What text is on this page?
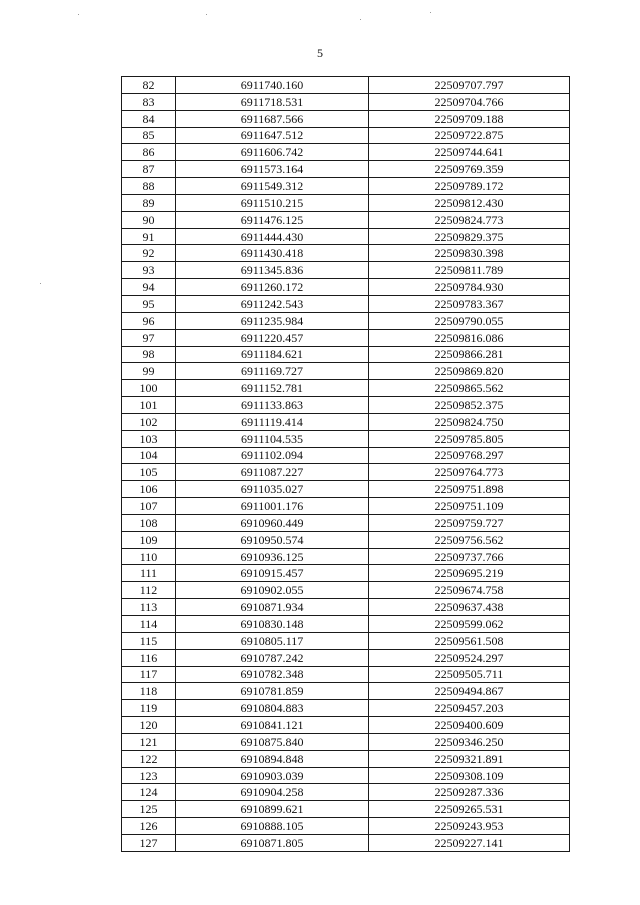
5
82	6911740.160	22509707.797
83	6911718.531	22509704.766
84	6911687.566	22509709.188
85	6911647.512	22509722.875
86	6911606.742	22509744.641
87	6911573.164	22509769.359
88	6911549.312	22509789.172
89	6911510.215	22509812.430
90	6911476.125	22509824.773
91	6911444.430	22509829.375
92	6911430.418	22509830.398
93	6911345.836	22509811.789
94	6911260.172	22509784.930
95	6911242.543	22509783.367
96	6911235.984	22509790.055
97	6911220.457	22509816.086
98	6911184.621	22509866.281
99	6911169.727	22509869.820
100	6911152.781	22509865.562
101	6911133.863	22509852.375
102	6911119.414	22509824.750
103	6911104.535	22509785.805
104	6911102.094	22509768.297
105	6911087.227	22509764.773
106	6911035.027	22509751.898
107	6911001.176	22509751.109
108	6910960.449	22509759.727
109	6910950.574	22509756.562
110	6910936.125	22509737.766
111	6910915.457	22509695.219
112	6910902.055	22509674.758
113	6910871.934	22509637.438
114	6910830.148	22509599.062
115	6910805.117	22509561.508
116	6910787.242	22509524.297
117	6910782.348	22509505.711
118	6910781.859	22509494.867
119	6910804.883	22509457.203
120	6910841.121	22509400.609
121	6910875.840	22509346.250
122	6910894.848	22509321.891
123	6910903.039	22509308.109
124	6910904.258	22509287.336
125	6910899.621	22509265.531
126	6910888.105	22509243.953
127	6910871.805	22509227.141
